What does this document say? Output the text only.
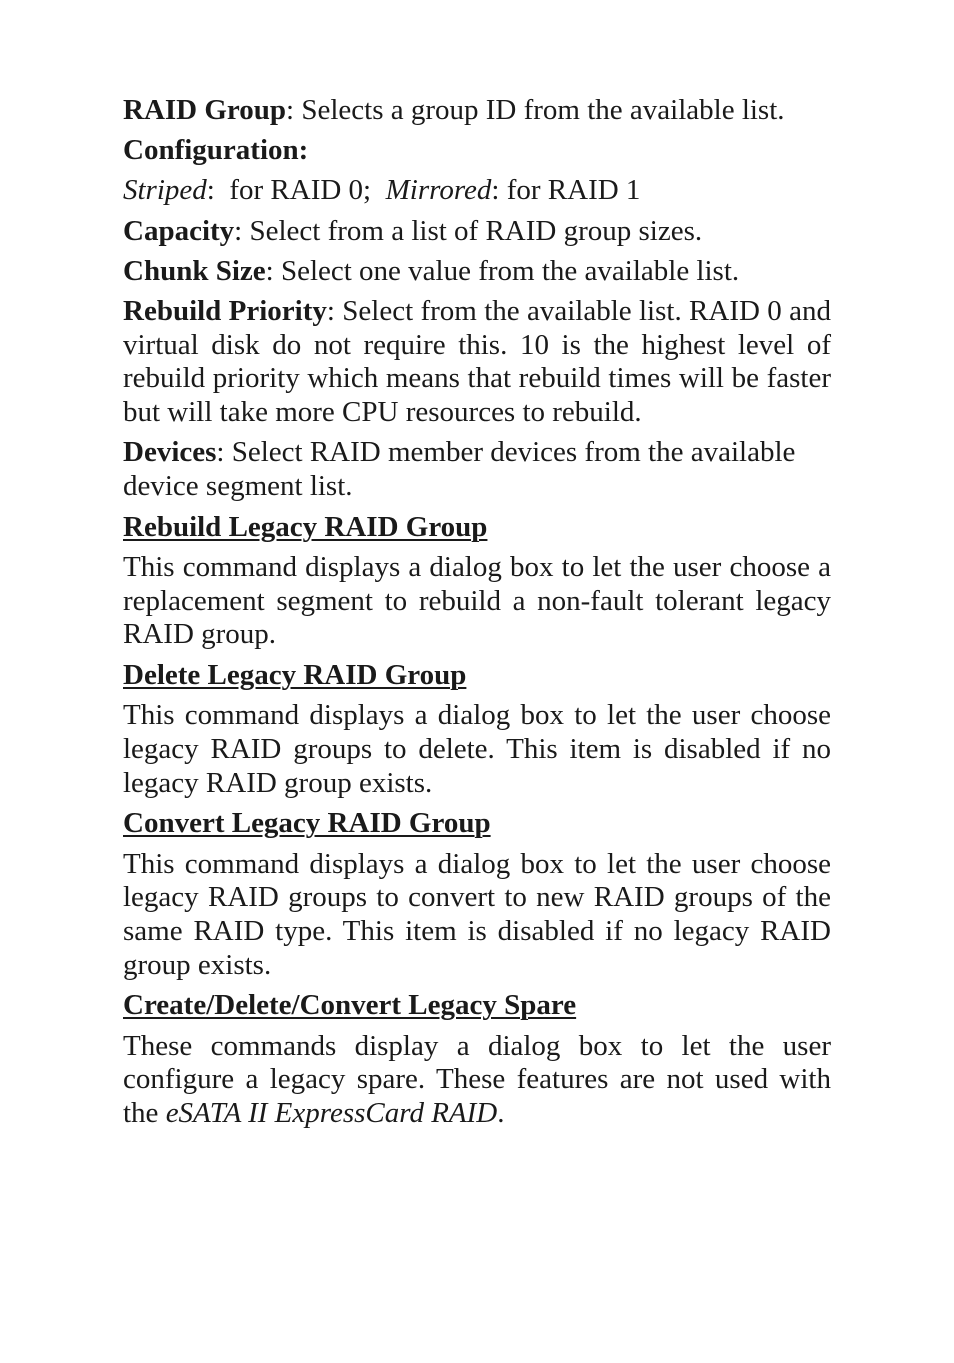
RAID Group: Selects a group ID from the available list.

Configuration:

Striped:  for RAID 0;  Mirrored: for RAID 1

Capacity: Select from a list of RAID group sizes.

Chunk Size: Select one value from the available list.

Rebuild Priority: Select from the available list. RAID 0 and virtual disk do not require this. 10 is the highest level of rebuild priority which means that rebuild times will be faster but will take more CPU resources to rebuild.

Devices: Select RAID member devices from the available device segment list.

Rebuild Legacy RAID Group

This command displays a dialog box to let the user choose a replacement segment to rebuild a non-fault tolerant legacy RAID group.

Delete Legacy RAID Group

This command displays a dialog box to let the user choose legacy RAID groups to delete. This item is disabled if no legacy RAID group exists.

Convert Legacy RAID Group

This command displays a dialog box to let the user choose legacy RAID groups to convert to new RAID groups of the same RAID type. This item is disabled if no legacy RAID group exists.

Create/Delete/Convert Legacy Spare

These commands display a dialog box to let the user configure a legacy spare. These features are not used with the eSATA II ExpressCard RAID.
